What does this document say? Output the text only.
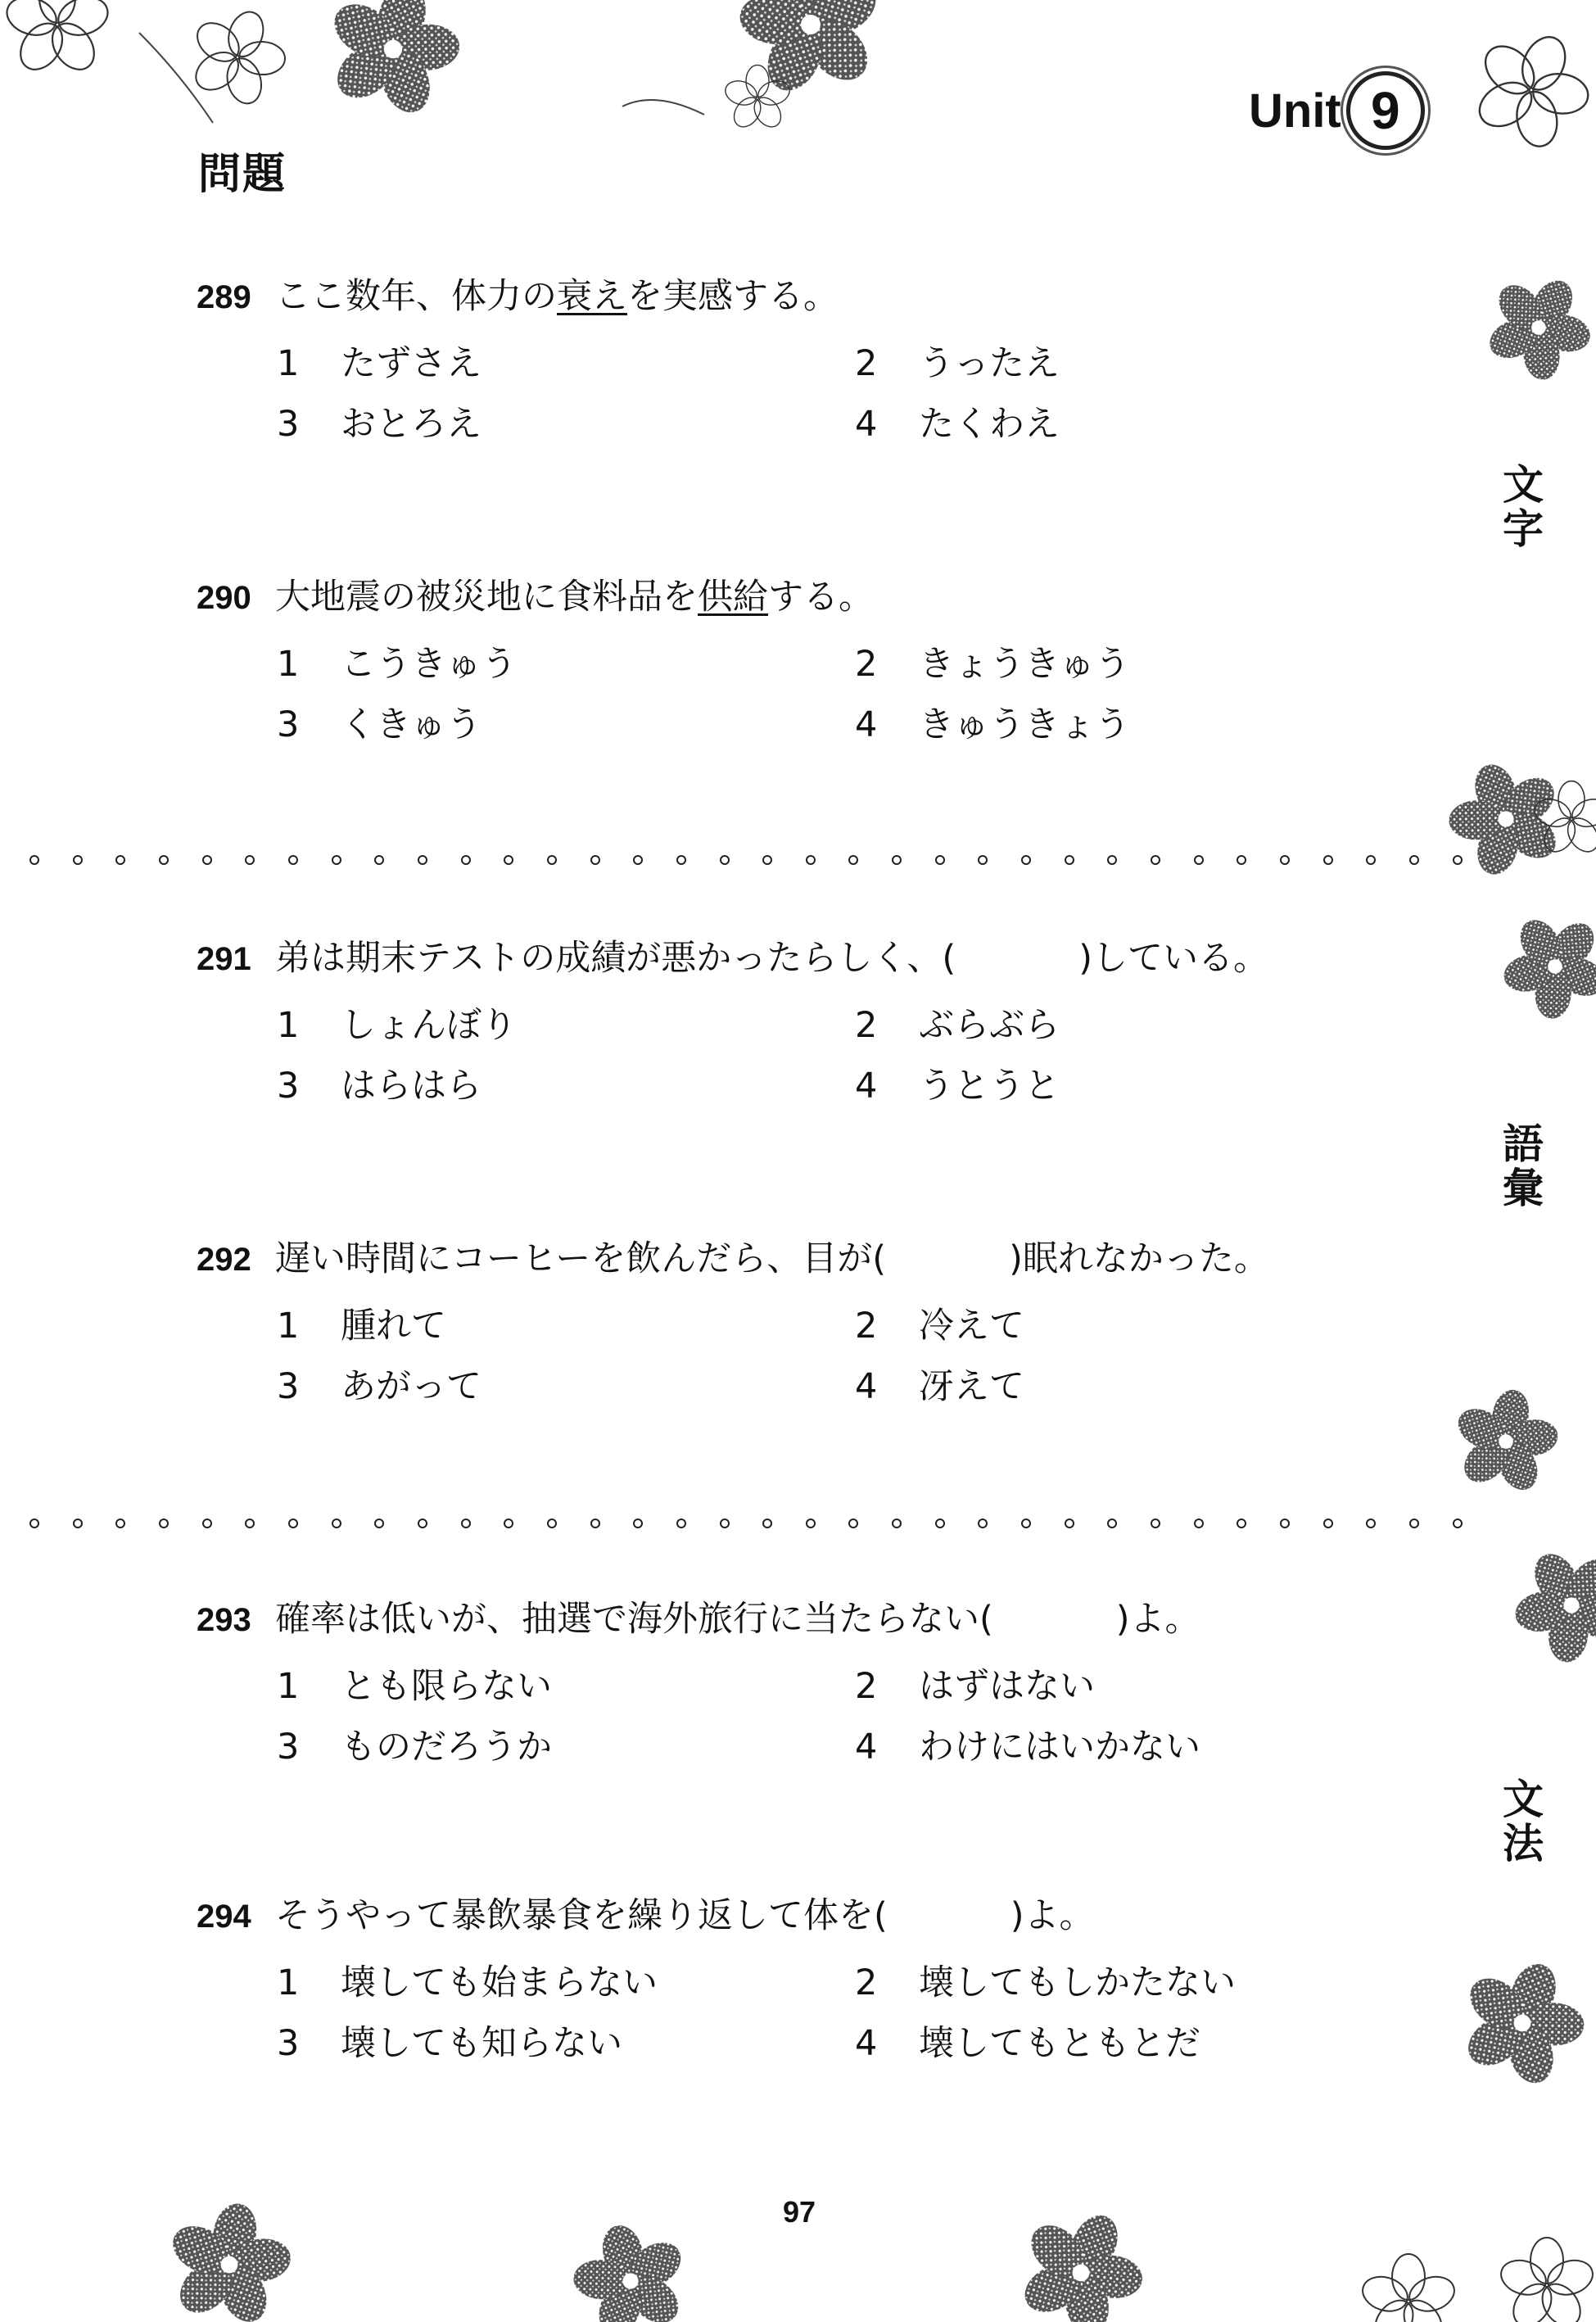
問題
Unit 9
文字
語彙
文法
289 ここ数年、体力の衰えを実感する。
1 たずさえ	2 うったえ
3 おとろえ	4 たくわえ
290 大地震の被災地に食料品を供給する。
1 こうきゅう	2 きょうきゅう
3 くきゅう	4 きゅうきょう
291 弟は期末テストの成績が悪かったらしく、(	)している。
1 しょんぼり	2 ぶらぶら
3 はらはら	4 うとうと
292 遅い時間にコーヒーを飲んだら、目が(	)眠れなかった。
1 腫れて	2 冷えて
3 あがって	4 冴えて
293 確率は低いが、抽選で海外旅行に当たらない(	)よ。
1 とも限らない	2 はずはない
3 ものだろうか	4 わけにはいかない
294 そうやって暴飲暴食を繰り返して体を(	)よ。
1 壊しても始まらない	2 壊してもしかたない
3 壊しても知らない	4 壊してもともとだ
97
